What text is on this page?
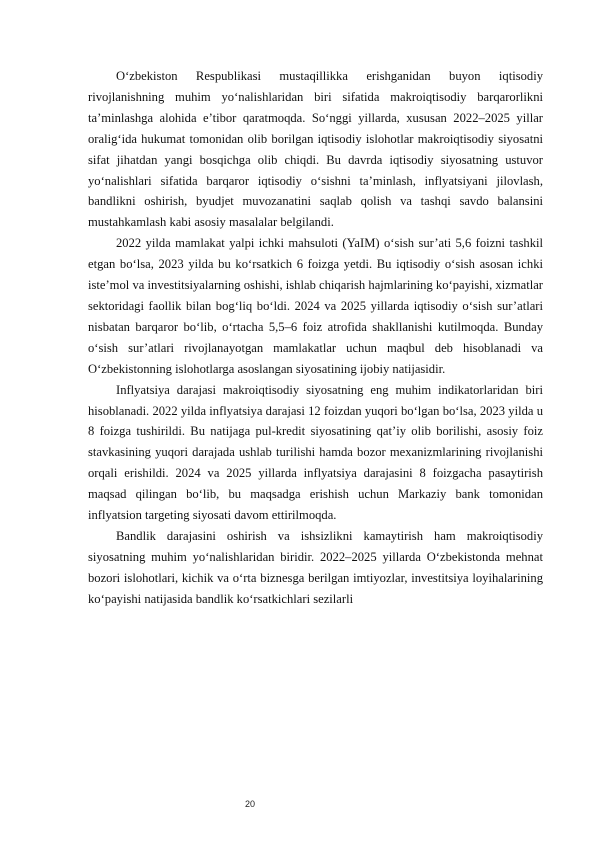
O‘zbekiston Respublikasi mustaqillikka erishganidan buyon iqtisodiy rivojlanishning muhim yo‘nalishlaridan biri sifatida makroiqtisodiy barqarorlikni ta’minlashga alohida e’tibor qaratmoqda. So‘nggi yillarda, xususan 2022–2025 yillar oralig‘ida hukumat tomonidan olib borilgan iqtisodiy islohotlar makroiqtisodiy siyosatni sifat jihatdan yangi bosqichga olib chiqdi. Bu davrda iqtisodiy siyosatning ustuvor yo‘nalishlari sifatida barqaror iqtisodiy o‘sishni ta’minlash, inflyatsiyani jilovlash, bandlikni oshirish, byudjet muvozanatini saqlab qolish va tashqi savdo balansini mustahkamlash kabi asosiy masalalar belgilandi.

2022 yilda mamlakat yalpi ichki mahsuloti (YaIM) o‘sish sur’ati 5,6 foizni tashkil etgan bo‘lsa, 2023 yilda bu ko‘rsatkich 6 foizga yetdi. Bu iqtisodiy o‘sish asosan ichki iste’mol va investitsiyalarning oshishi, ishlab chiqarish hajmlarining ko‘payishi, xizmatlar sektoridagi faollik bilan bog‘liq bo‘ldi. 2024 va 2025 yillarda iqtisodiy o‘sish sur’atlari nisbatan barqaror bo‘lib, o‘rtacha 5,5–6 foiz atrofida shakllanishi kutilmoqda. Bunday o‘sish sur’atlari rivojlanayotgan mamlakatlar uchun maqbul deb hisoblanadi va O‘zbekistonning islohotlarga asoslangan siyosatining ijobiy natijasidir.

Inflyatsiya darajasi makroiqtisodiy siyosatning eng muhim indikatorlaridan biri hisoblanadi. 2022 yilda inflyatsiya darajasi 12 foizdan yuqori bo‘lgan bo‘lsa, 2023 yilda u 8 foizga tushirildi. Bu natijaga pul-kredit siyosatining qat’iy olib borilishi, asosiy foiz stavkasining yuqori darajada ushlab turilishi hamda bozor mexanizmlarining rivojlanishi orqali erishildi. 2024 va 2025 yillarda inflyatsiya darajasini 8 foizgacha pasaytirish maqsad qilingan bo‘lib, bu maqsadga erishish uchun Markaziy bank tomonidan inflyatsion targeting siyosati davom ettirilmoqda.

Bandlik darajasini oshirish va ishsizlikni kamaytirish ham makroiqtisodiy siyosatning muhim yo‘nalishlaridan biridir. 2022–2025 yillarda O‘zbekistonda mehnat bozori islohotlari, kichik va o‘rta biznesga berilgan imtiyozlar, investitsiya loyihalarining ko‘payishi natijasida bandlik ko‘rsatkichlari sezilarli

20
